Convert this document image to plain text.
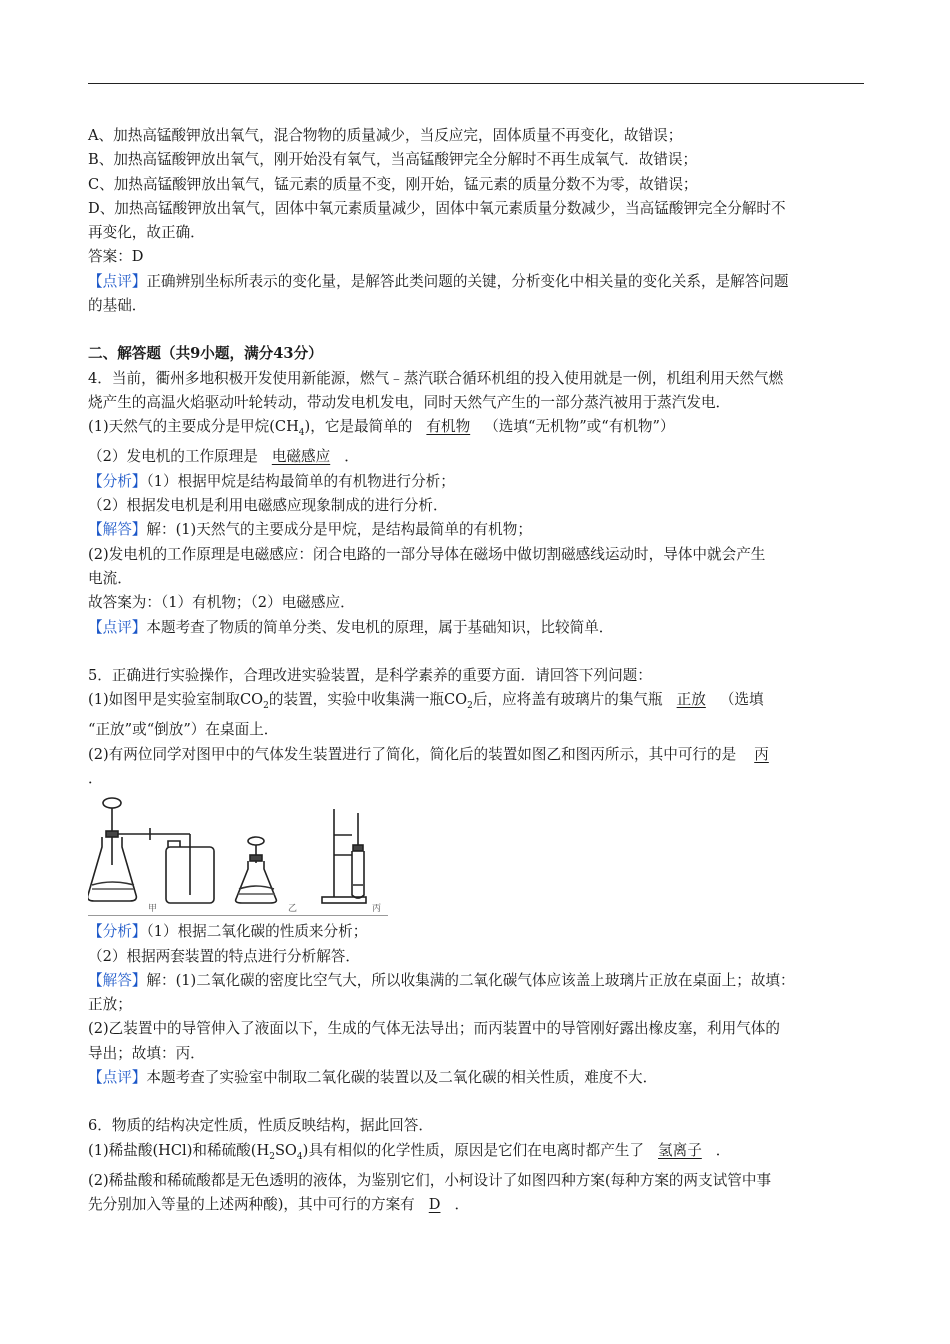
A、加热高锰酸钾放出氧气，混合物物的质量减少，当反应完，固体质量不再变化，故错误；

B、加热高锰酸钾放出氧气，刚开始没有氧气，当高锰酸钾完全分解时不再生成氧气．故错误；

C、加热高锰酸钾放出氧气，锰元素的质量不变，刚开始，锰元素的质量分数不为零，故错误；

D、加热高锰酸钾放出氧气，固体中氧元素质量减少，固体中氧元素质量分数减少，当高锰酸钾完全分解时不

再变化，故正确．

答案：D

【点评】正确辨别坐标所表示的变化量，是解答此类问题的关键，分析变化中相关量的变化关系，是解答问题

的基础．

二、解答题（共9小题，满分43分）

4．当前，衢州多地积极开发使用新能源，燃气﹣蒸汽联合循环机组的投入使用就是一例，机组利用天然气燃

烧产生的高温火焰驱动叶轮转动，带动发电机发电，同时天然气产生的一部分蒸汽被用于蒸汽发电．

(1)天然气的主要成分是甲烷$(CH_4)$，它是最简单的 有机物 （选填“无机物”或“有机物”）

（2）发电机的工作原理是 电磁感应 ．

【分析】（1）根据甲烷是结构最简单的有机物进行分析；

（2）根据发电机是利用电磁感应现象制成的进行分析．

【解答】解：(1)天然气的主要成分是甲烷，是结构最简单的有机物；

(2)发电机的工作原理是电磁感应：闭合电路的一部分导体在磁场中做切割磁感线运动时，导体中就会产生

电流．

故答案为：（1）有机物；（2）电磁感应．

【点评】本题考查了物质的简单分类、发电机的原理，属于基础知识，比较简单．

5．正确进行实验操作，合理改进实验装置，是科学素养的重要方面．请回答下列问题：

(1)如图甲是实验室制取$CO_2$的装置，实验中收集满一瓶$CO_2$后，应将盖有玻璃片的集气瓶 正放 （选填

“正放”或“倒放”）在桌面上．

(2)有两位同学对图甲中的气体发生装置进行了简化，简化后的装置如图乙和图丙所示，其中可行的是 丙

．

甲	乙	丙

【分析】（1）根据二氧化碳的性质来分析；

（2）根据两套装置的特点进行分析解答．

【解答】解：(1)二氧化碳的密度比空气大，所以收集满的二氧化碳气体应该盖上玻璃片正放在桌面上；故填：

正放；

(2)乙装置中的导管伸入了液面以下，生成的气体无法导出；而丙装置中的导管刚好露出橡皮塞，利用气体的

导出；故填：丙．

【点评】本题考查了实验室中制取二氧化碳的装置以及二氧化碳的相关性质，难度不大．

6．物质的结构决定性质，性质反映结构，据此回答．

(1)稀盐酸(HCl)和稀硫酸$(H_2SO_4)$具有相似的化学性质，原因是它们在电离时都产生了 氢离子 ．

(2)稀盐酸和稀硫酸都是无色透明的液体，为鉴别它们，小柯设计了如图四种方案(每种方案的两支试管中事

先分别加入等量的上述两种酸)，其中可行的方案有 D ．
